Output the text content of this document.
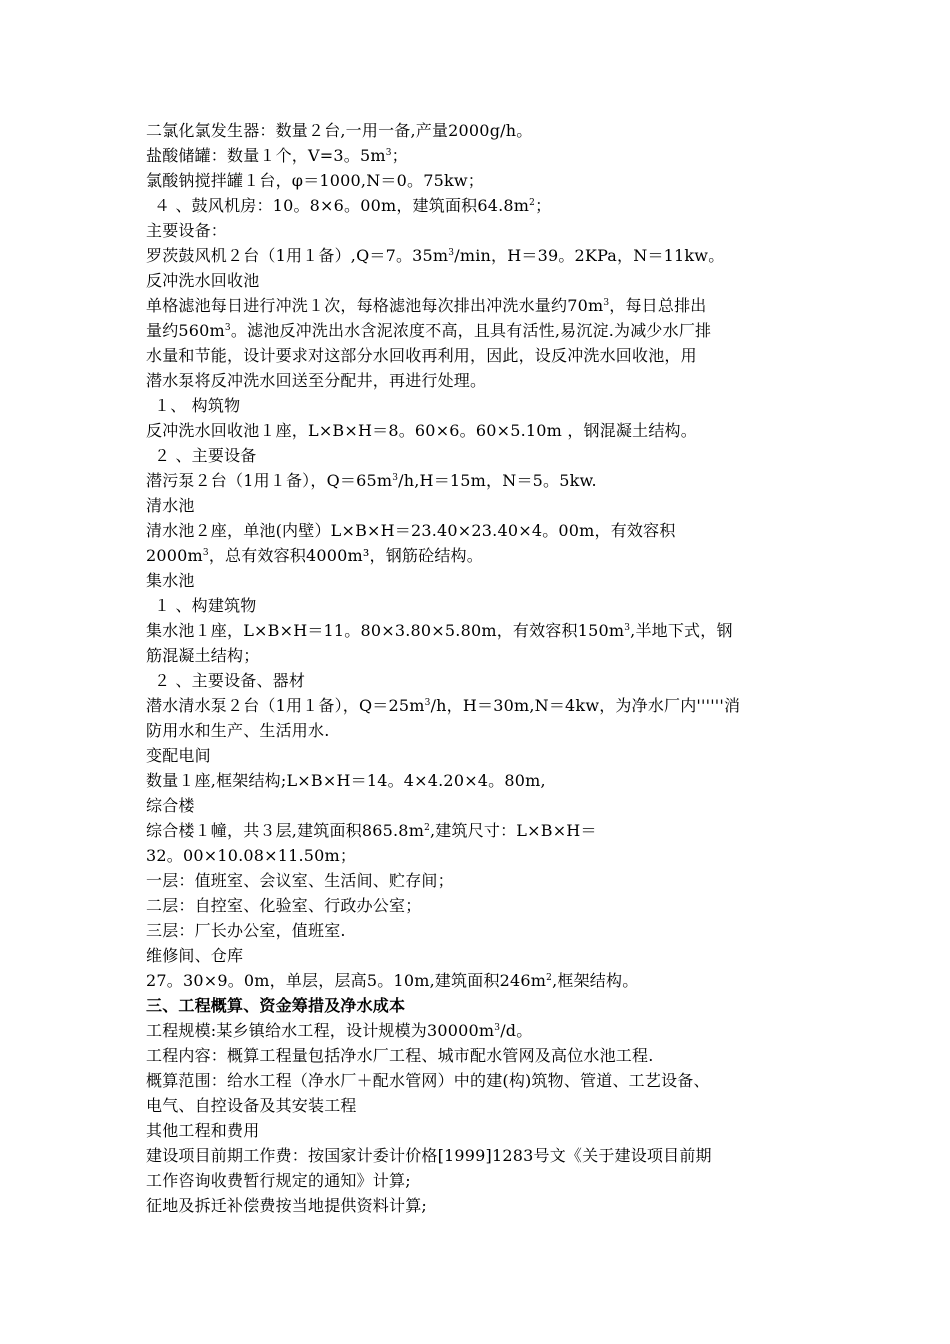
二氯化氯发生器：数量２台,一用一备,产量2000g/h。
盐酸储罐：数量１个，V=3。$5m^3$；
氯酸钠搅拌罐１台，φ＝1000,N＝0。75kw；
４ 、鼓风机房：10。8×6。00m，建筑面积$64.8m^2$；
主要设备：
罗茨鼓风机２台（1用１备）,Q＝7。$35m^3/\min$，H＝39。2KPa，N＝11kw。
反冲洗水回收池
单格滤池每日进行冲洗１次，每格滤池每次排出冲洗水量约$70m^3$，每日总排出
量约$560m^3$。滤池反冲洗出水含泥浓度不高，且具有活性,易沉淀.为减少水厂排
水量和节能，设计要求对这部分水回收再利用，因此，设反冲洗水回收池，用
潜水泵将反冲洗水回送至分配井，再进行处理。
１、 构筑物
反冲洗水回收池１座，L×B×H＝8。60×6。60×5.10m ，钢混凝土结构。
２ 、主要设备
潜污泵２台（1用１备），$Q=65m^3/h,H=15m$，N＝5。5kw.
清水池
清水池２座，单池(内壁）L×B×H＝23.40×23.40×4。00m，有效容积
$2000m^3$，总有效容积4000m³，钢筋砼结构。
集水池
１ 、构建筑物
集水池１座，L×B×H＝11。80×3.80×5.80m，有效容积$150m^3$,半地下式，钢
筋混凝土结构；
２ 、主要设备、器材
潜水清水泵２台（1用１备），$Q=25m^3/h$，H＝30m,N＝4kw，为净水厂内''''''消
防用水和生产、生活用水.
变配电间
数量１座,框架结构;L×B×H＝14。4×4.20×4。80m,
综合楼
综合楼１幢，共３层,建筑面积$865.8m^2$,建筑尺寸：L×B×H＝
32。00×10.08×11.50m；
一层：值班室、会议室、生活间、贮存间；
二层：自控室、化验室、行政办公室；
三层：厂长办公室，值班室.
维修间、仓库
27。30×9。0m，单层，层高5。10m,建筑面积$246m^2$,框架结构。
三、工程概算、资金筹措及净水成本
工程规模:某乡镇给水工程，设计规模为$30000m^3/d$。
工程内容：概算工程量包括净水厂工程、城市配水管网及高位水池工程.
概算范围：给水工程（净水厂＋配水管网）中的建(构)筑物、管道、工艺设备、
电气、自控设备及其安装工程
其他工程和费用
建设项目前期工作费：按国家计委计价格[1999]1283号文《关于建设项目前期
工作咨询收费暂行规定的通知》计算;
征地及拆迁补偿费按当地提供资料计算;
